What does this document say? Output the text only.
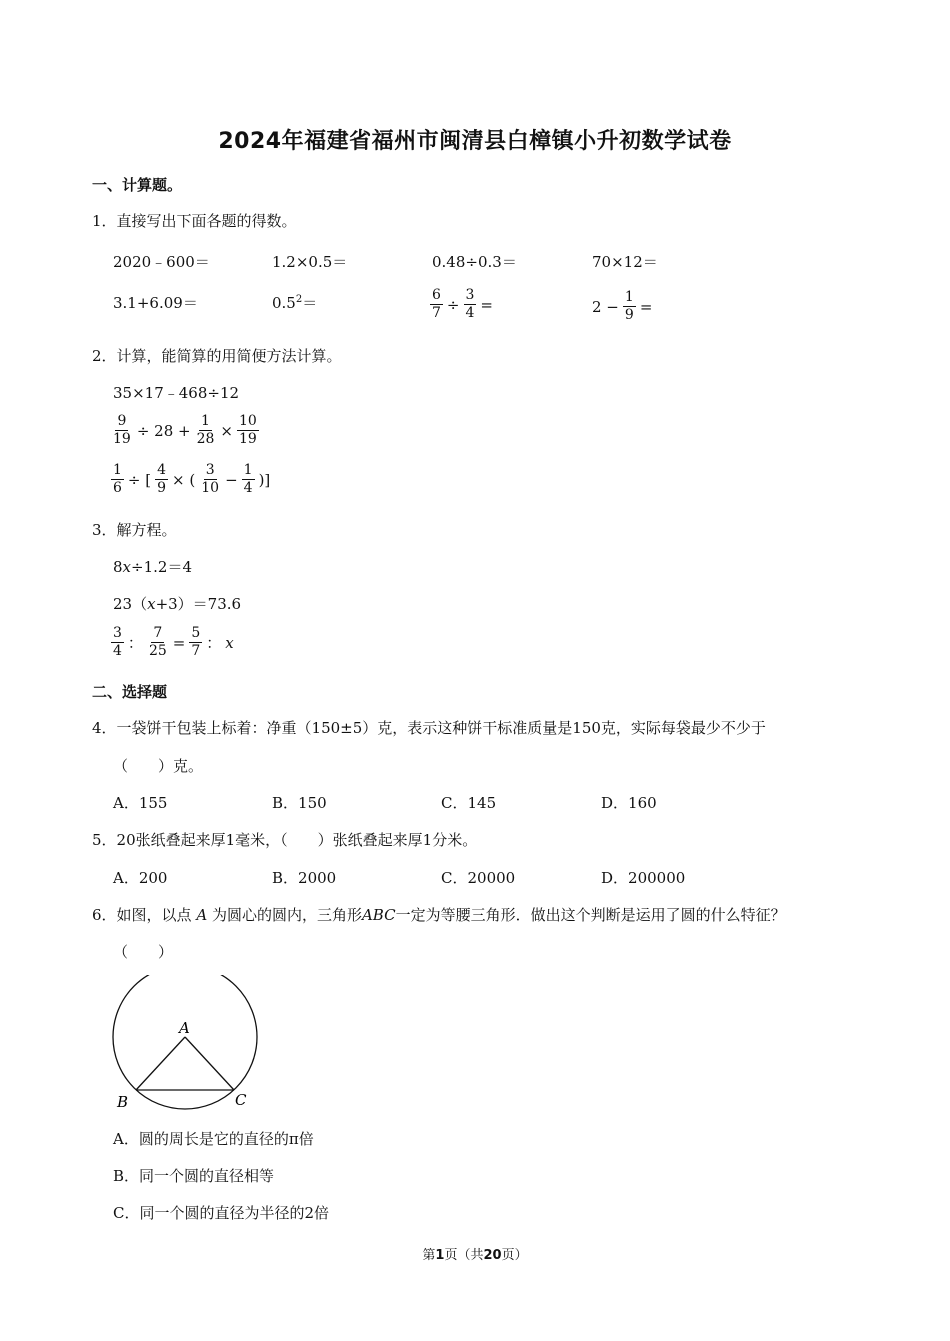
2024年福建省福州市闽清县白樟镇小升初数学试卷
一、计算题。
1．直接写出下面各题的得数。
2020﹣600＝	1.2×0.5＝	0.48÷0.3＝	70×12＝
3.1+6.09＝	$0.5^2=$	$\frac{6}{7} \div \frac{3}{4}$ =	$2 - \frac{1}{9}$ =
2．计算，能简算的用简便方法计算。
35×17﹣468÷12
$\frac{9}{19} \div 28 + \frac{1}{28} \times \frac{10}{19}$
$\frac{1}{6}$ ÷ [ $\frac{4}{9}$ × ( $\frac{3}{10} - \frac{1}{4}$ )]
3．解方程。
8x÷1.2＝4
23（x+3）＝73.6
$\frac{3}{4}$ ： $\frac{7}{25} = \frac{5}{7}$ ： x
二、选择题
4．一袋饼干包装上标着：净重（150±5）克，表示这种饼干标准质量是150克，实际每袋最少不少于
（　　）克。
A．155	B．150	C．145	D．160
5．20张纸叠起来厚1毫米，（　　）张纸叠起来厚1分米。
A．200	B．2000	C．20000	D．200000
6．如图，以点 A 为圆心的圆内，三角形ABC一定为等腰三角形．做出这个判断是运用了圆的什么特征？
（　　）
A
B	C
A．圆的周长是它的直径的π倍
B．同一个圆的直径相等
C．同一个圆的直径为半径的2倍
第1页（共20页）
